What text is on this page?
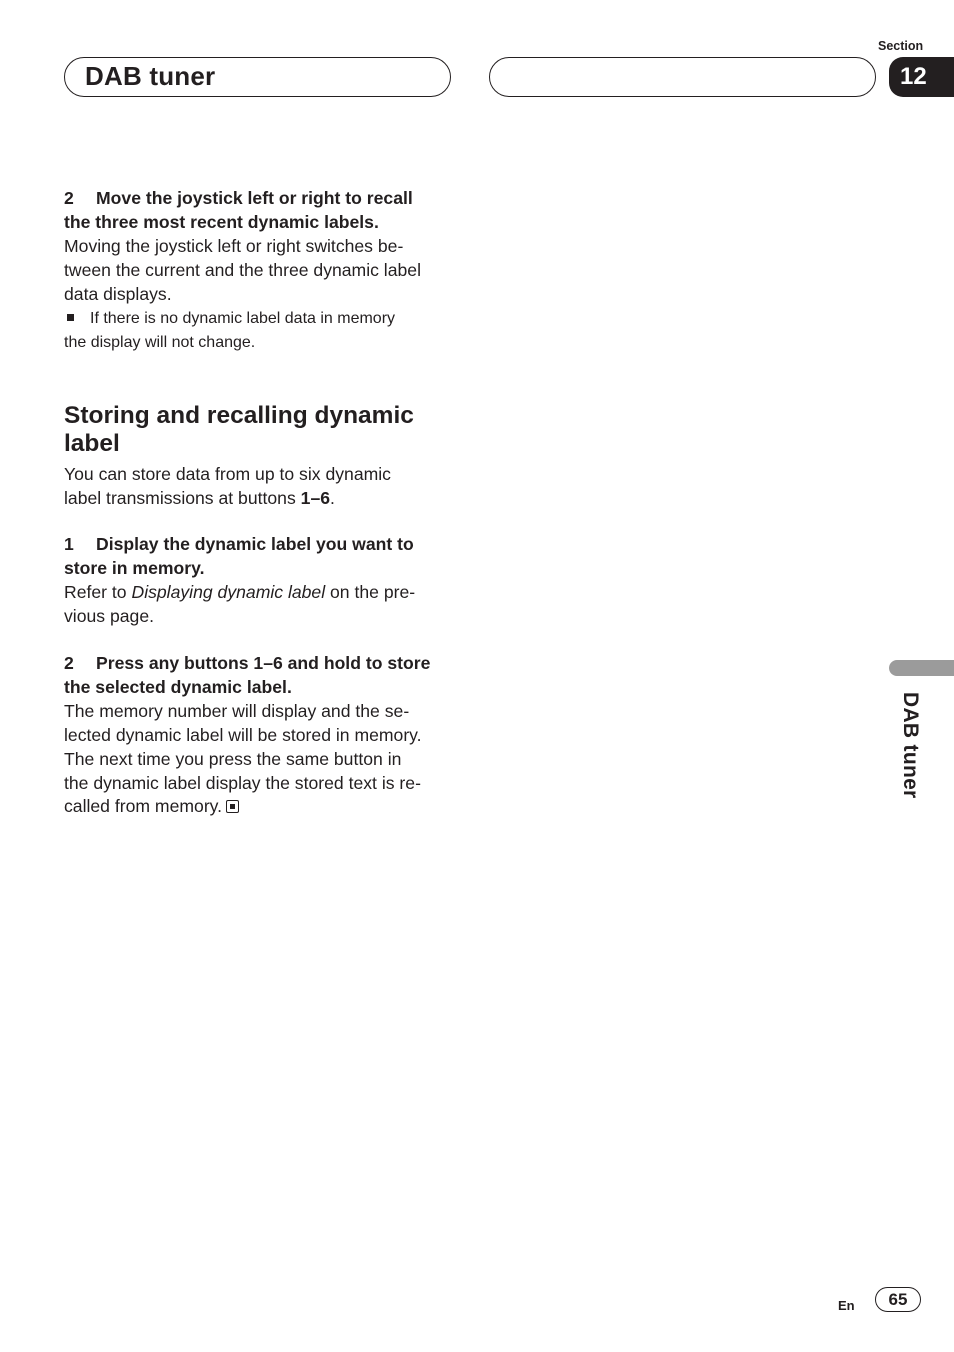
DAB tuner
Section
12

2 Move the joystick left or right to recall
the three most recent dynamic labels.

Moving the joystick left or right switches be-
tween the current and the three dynamic label
data displays.

If there is no dynamic label data in memory
the display will not change.

Storing and recalling dynamic
label

You can store data from up to six dynamic
label transmissions at buttons 1–6.

1 Display the dynamic label you want to
store in memory.

Refer to Displaying dynamic label on the pre-
vious page.

2 Press any buttons 1–6 and hold to store
the selected dynamic label.

The memory number will display and the se-
lected dynamic label will be stored in memory.
The next time you press the same button in
the dynamic label display the stored text is re-
called from memory.

DAB tuner
En	65
